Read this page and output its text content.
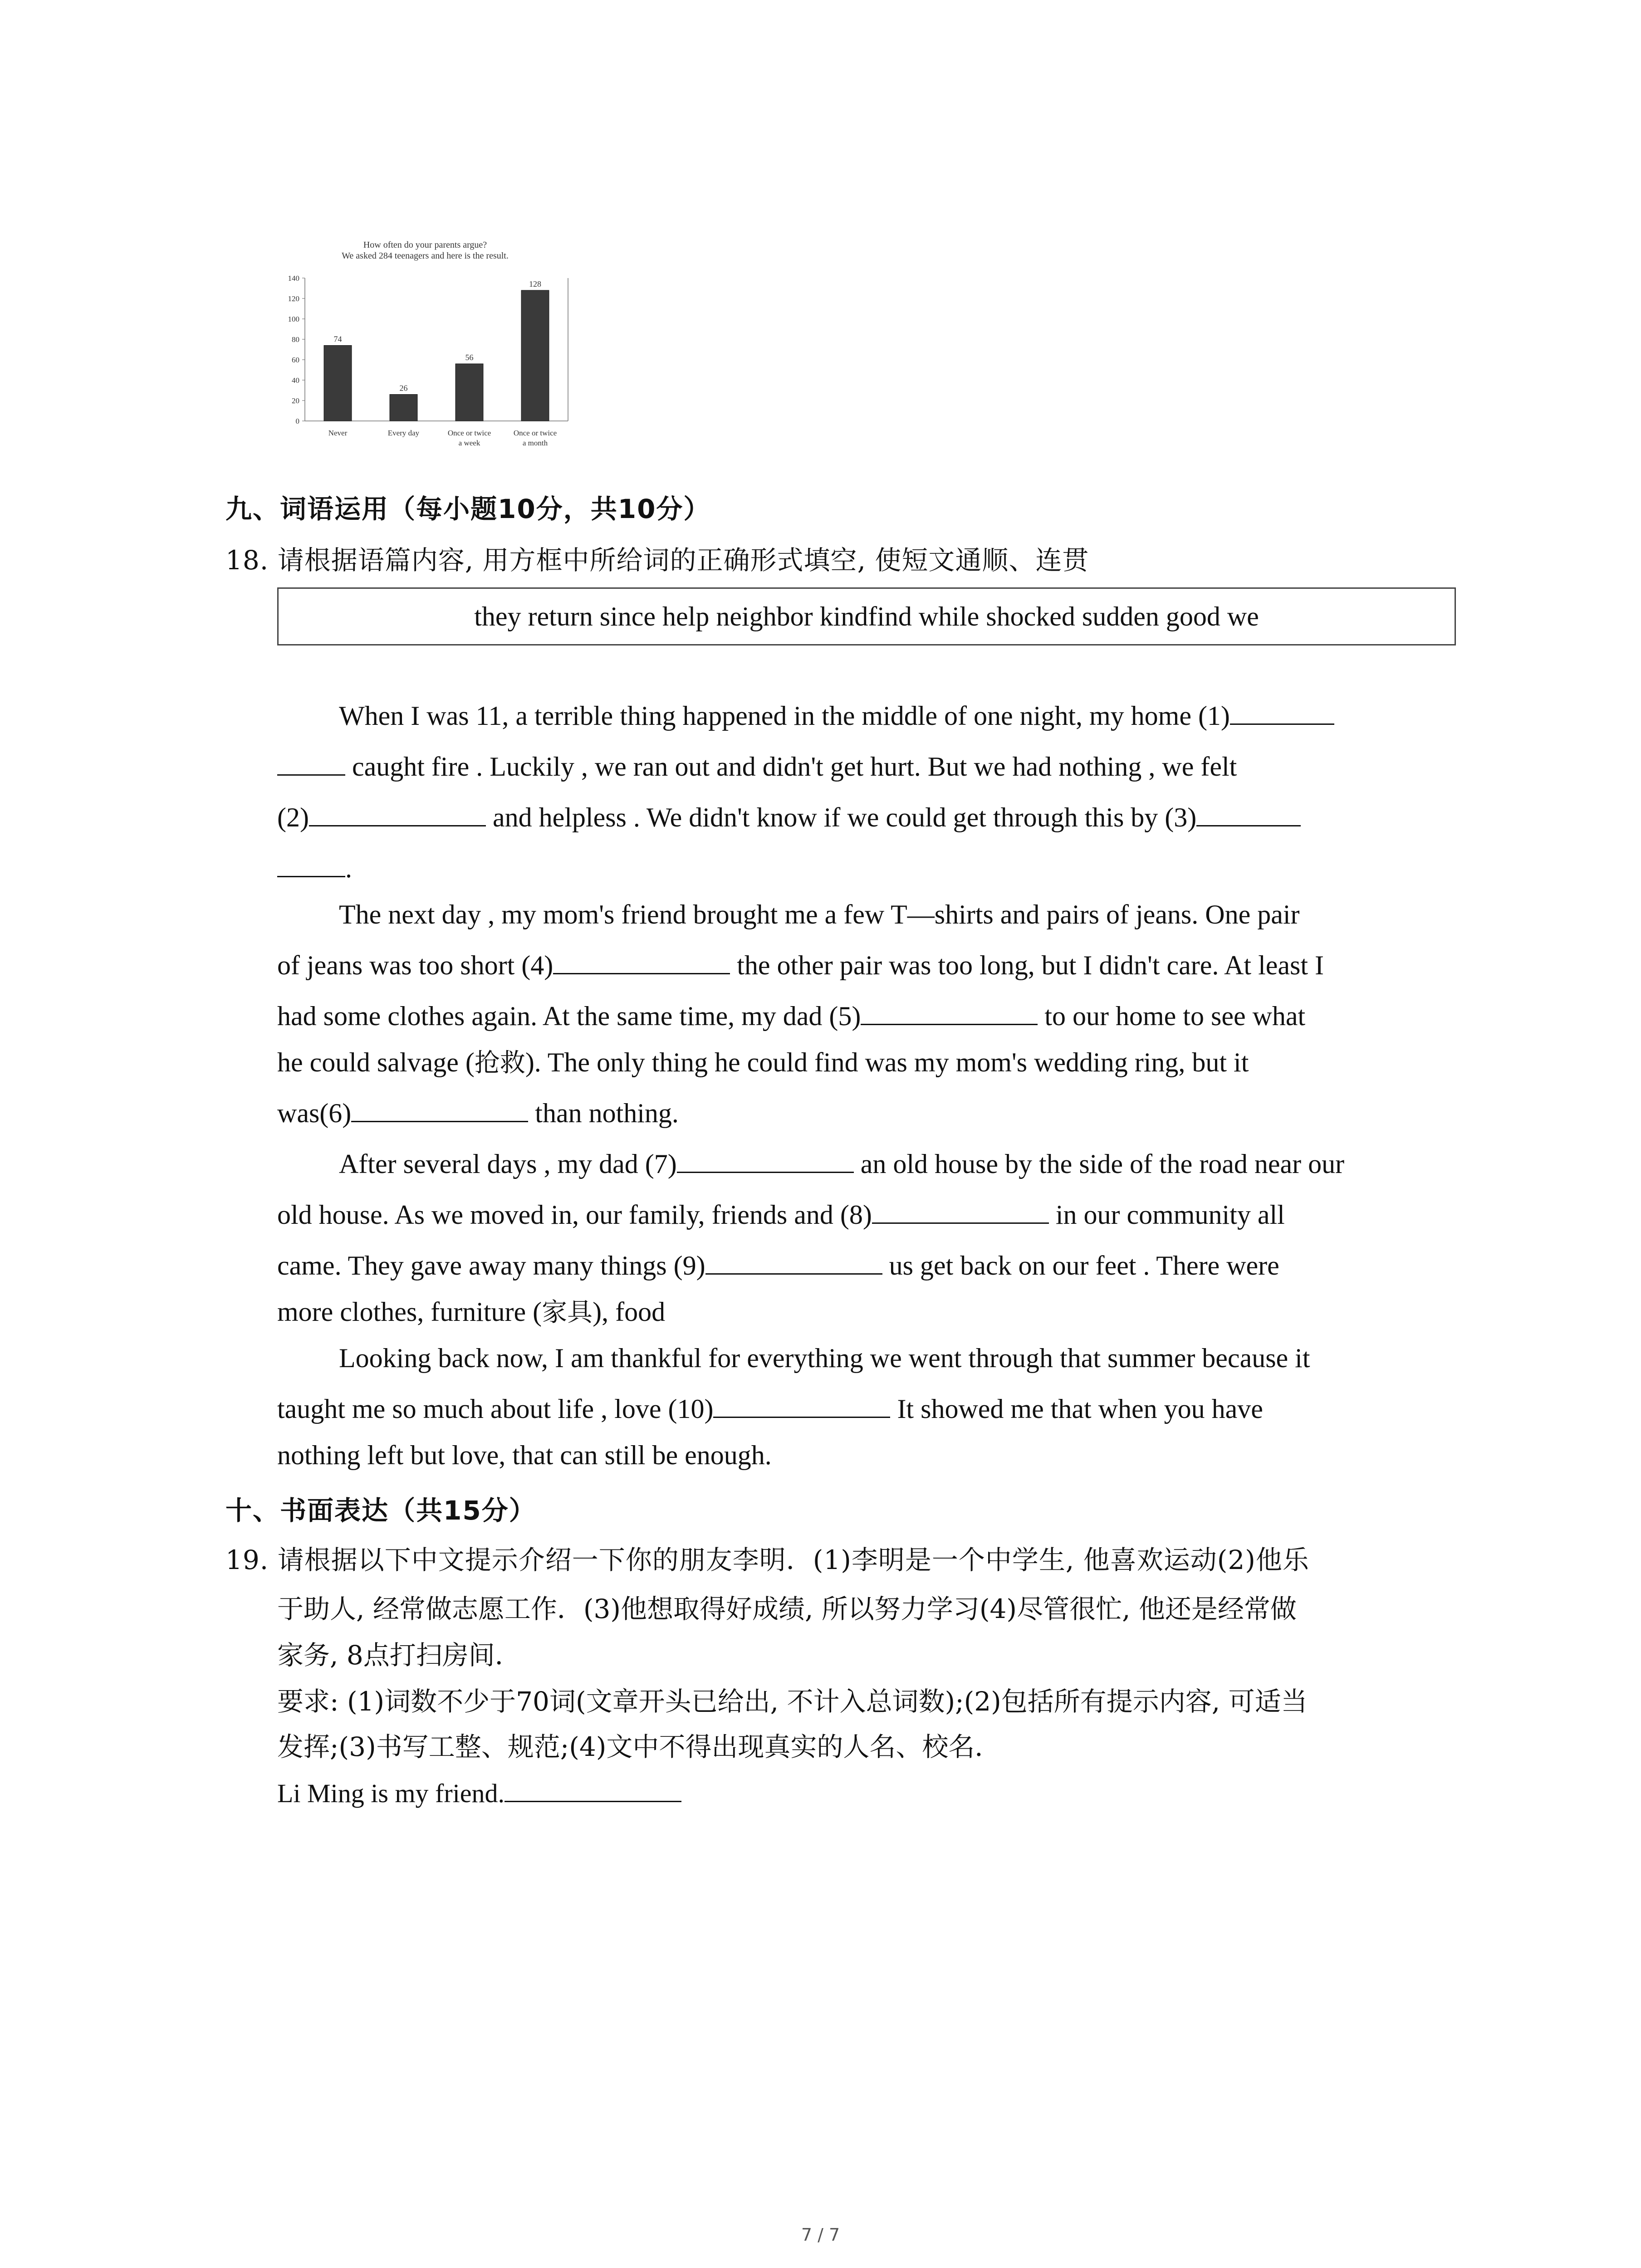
How often do your parents argue?
We asked 284 teenagers and here is the result.
0
20
40
60
80
100
120
140
74
Never
26
Every day
56
Once or twice
a week
128
Once or twice
a month
九、词语运用（每小题10分，共10分）
18. 请根据语篇内容, 用方框中所给词的正确形式填空, 使短文通顺、连贯
they return since help neighbor kindfind while shocked sudden good we
When I was 11, a terrible thing happened in the middle of one night, my home (1)

caught fire . Luckily , we ran out and didn't get hurt. But we had nothing , we felt
(2)	and helpless . We didn't know if we could get through this by (3)
.
The next day , my mom's friend brought me a few T—shirts and pairs of jeans. One pair
of jeans was too short (4)	the other pair was too long, but I didn't care. At least I
had some clothes again. At the same time, my dad (5)	to our home to see what
he could salvage (抢救). The only thing he could find was my mom's wedding ring, but it
was(6)	than nothing.
After several days , my dad (7)	an old house by the side of the road near our
old house. As we moved in, our family, friends and (8)	in our community all
came. They gave away many things (9)	us get back on our feet . There were
more clothes, furniture (家具), food
Looking back now, I am thankful for everything we went through that summer because it
taught me so much about life , love (10)	It showed me that when you have
nothing left but love, that can still be enough.
十、书面表达（共15分）
19. 请根据以下中文提示介绍一下你的朋友李明．(1)李明是一个中学生, 他喜欢运动(2)他乐
于助人, 经常做志愿工作．(3)他想取得好成绩, 所以努力学习(4)尽管很忙, 他还是经常做
家务, 8点打扫房间．
要求: (1)词数不少于70词(文章开头已给出, 不计入总词数);(2)包括所有提示内容, 可适当
发挥;(3)书写工整、规范;(4)文中不得出现真实的人名、校名．
Li Ming is my friend.
7 / 7
